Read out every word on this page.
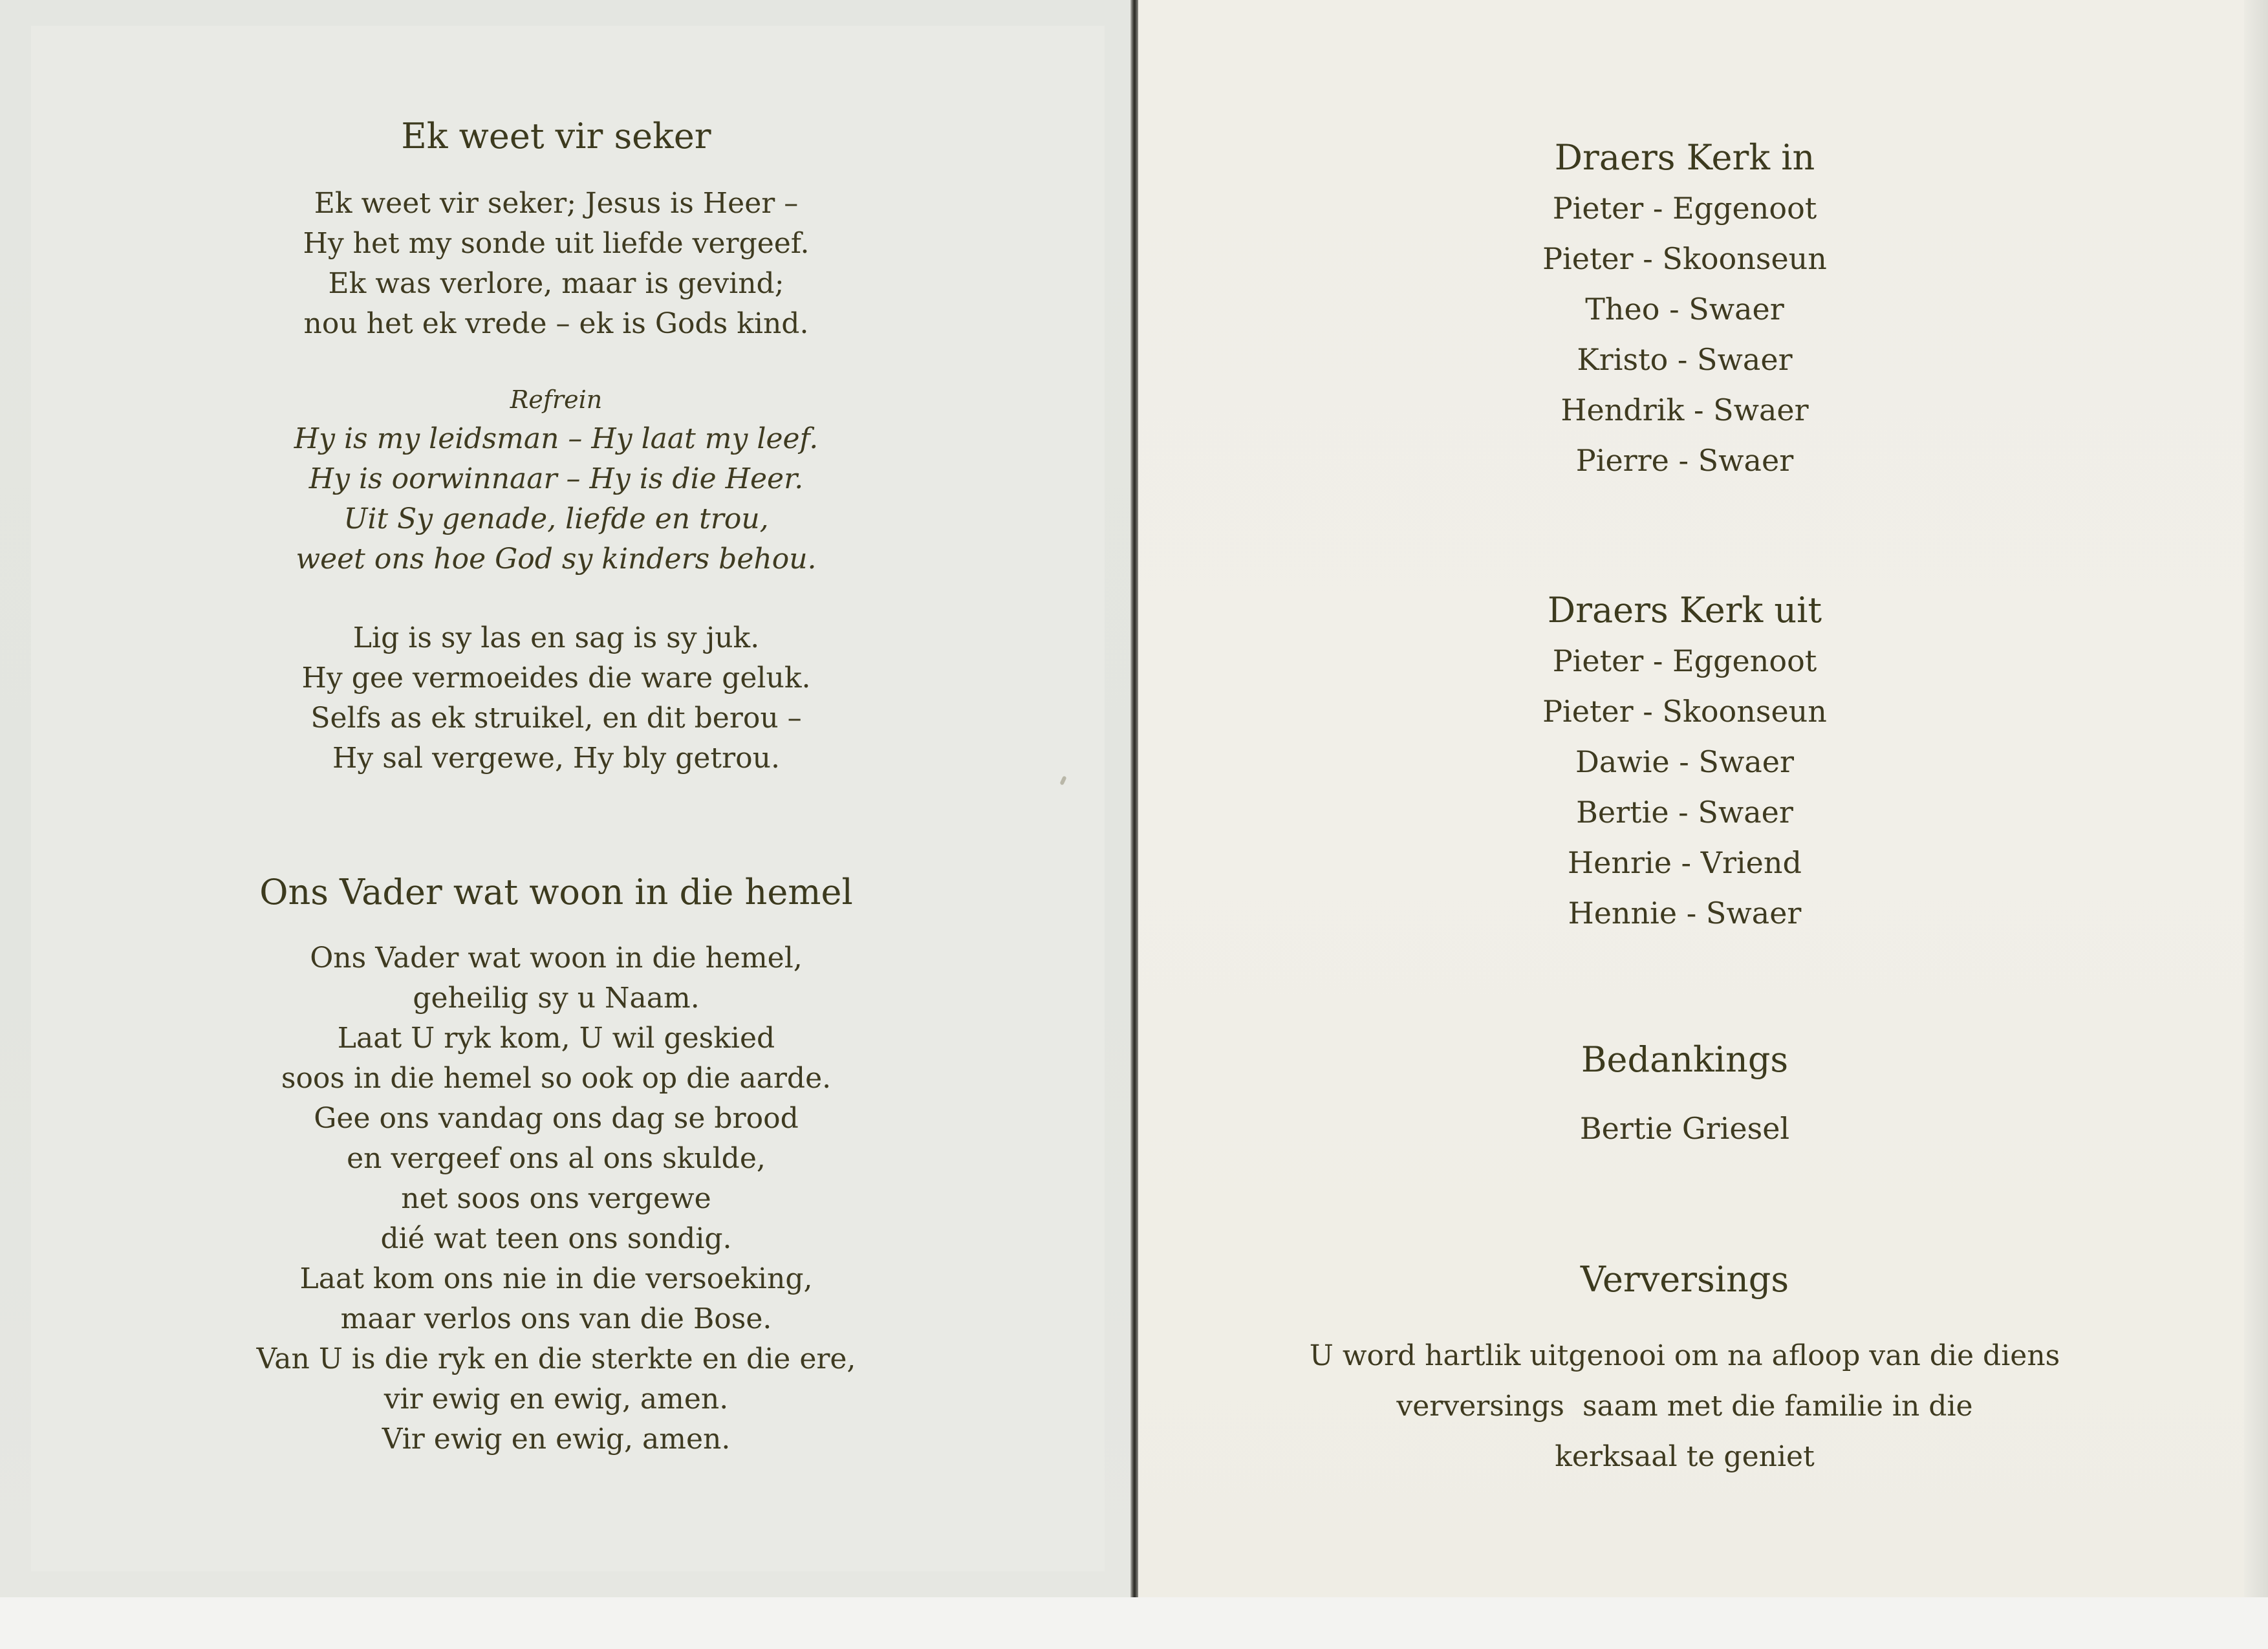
Ek weet vir seker
Ek weet vir seker; Jesus is Heer –
Hy het my sonde uit liefde vergeef.
Ek was verlore, maar is gevind;
nou het ek vrede – ek is Gods kind.
Refrein
Hy is my leidsman – Hy laat my leef.
Hy is oorwinnaar – Hy is die Heer.
Uit Sy genade, liefde en trou,
weet ons hoe God sy kinders behou.
Lig is sy las en sag is sy juk.
Hy gee vermoeides die ware geluk.
Selfs as ek struikel, en dit berou –
Hy sal vergewe, Hy bly getrou.
Ons Vader wat woon in die hemel
Ons Vader wat woon in die hemel,
geheilig sy u Naam.
Laat U ryk kom, U wil geskied
soos in die hemel so ook op die aarde.
Gee ons vandag ons dag se brood
en vergeef ons al ons skulde,
net soos ons vergewe
dié wat teen ons sondig.
Laat kom ons nie in die versoeking,
maar verlos ons van die Bose.
Van U is die ryk en die sterkte en die ere,
vir ewig en ewig, amen.
Vir ewig en ewig, amen.
Draers Kerk in
Pieter - Eggenoot
Pieter - Skoonseun
Theo - Swaer
Kristo - Swaer
Hendrik - Swaer
Pierre - Swaer
Draers Kerk uit
Pieter - Eggenoot
Pieter - Skoonseun
Dawie - Swaer
Bertie - Swaer
Henrie - Vriend
Hennie - Swaer
Bedankings
Bertie Griesel
Verversings
U word hartlik uitgenooi om na afloop van die diens
verversings  saam met die familie in die
kerksaal te geniet
